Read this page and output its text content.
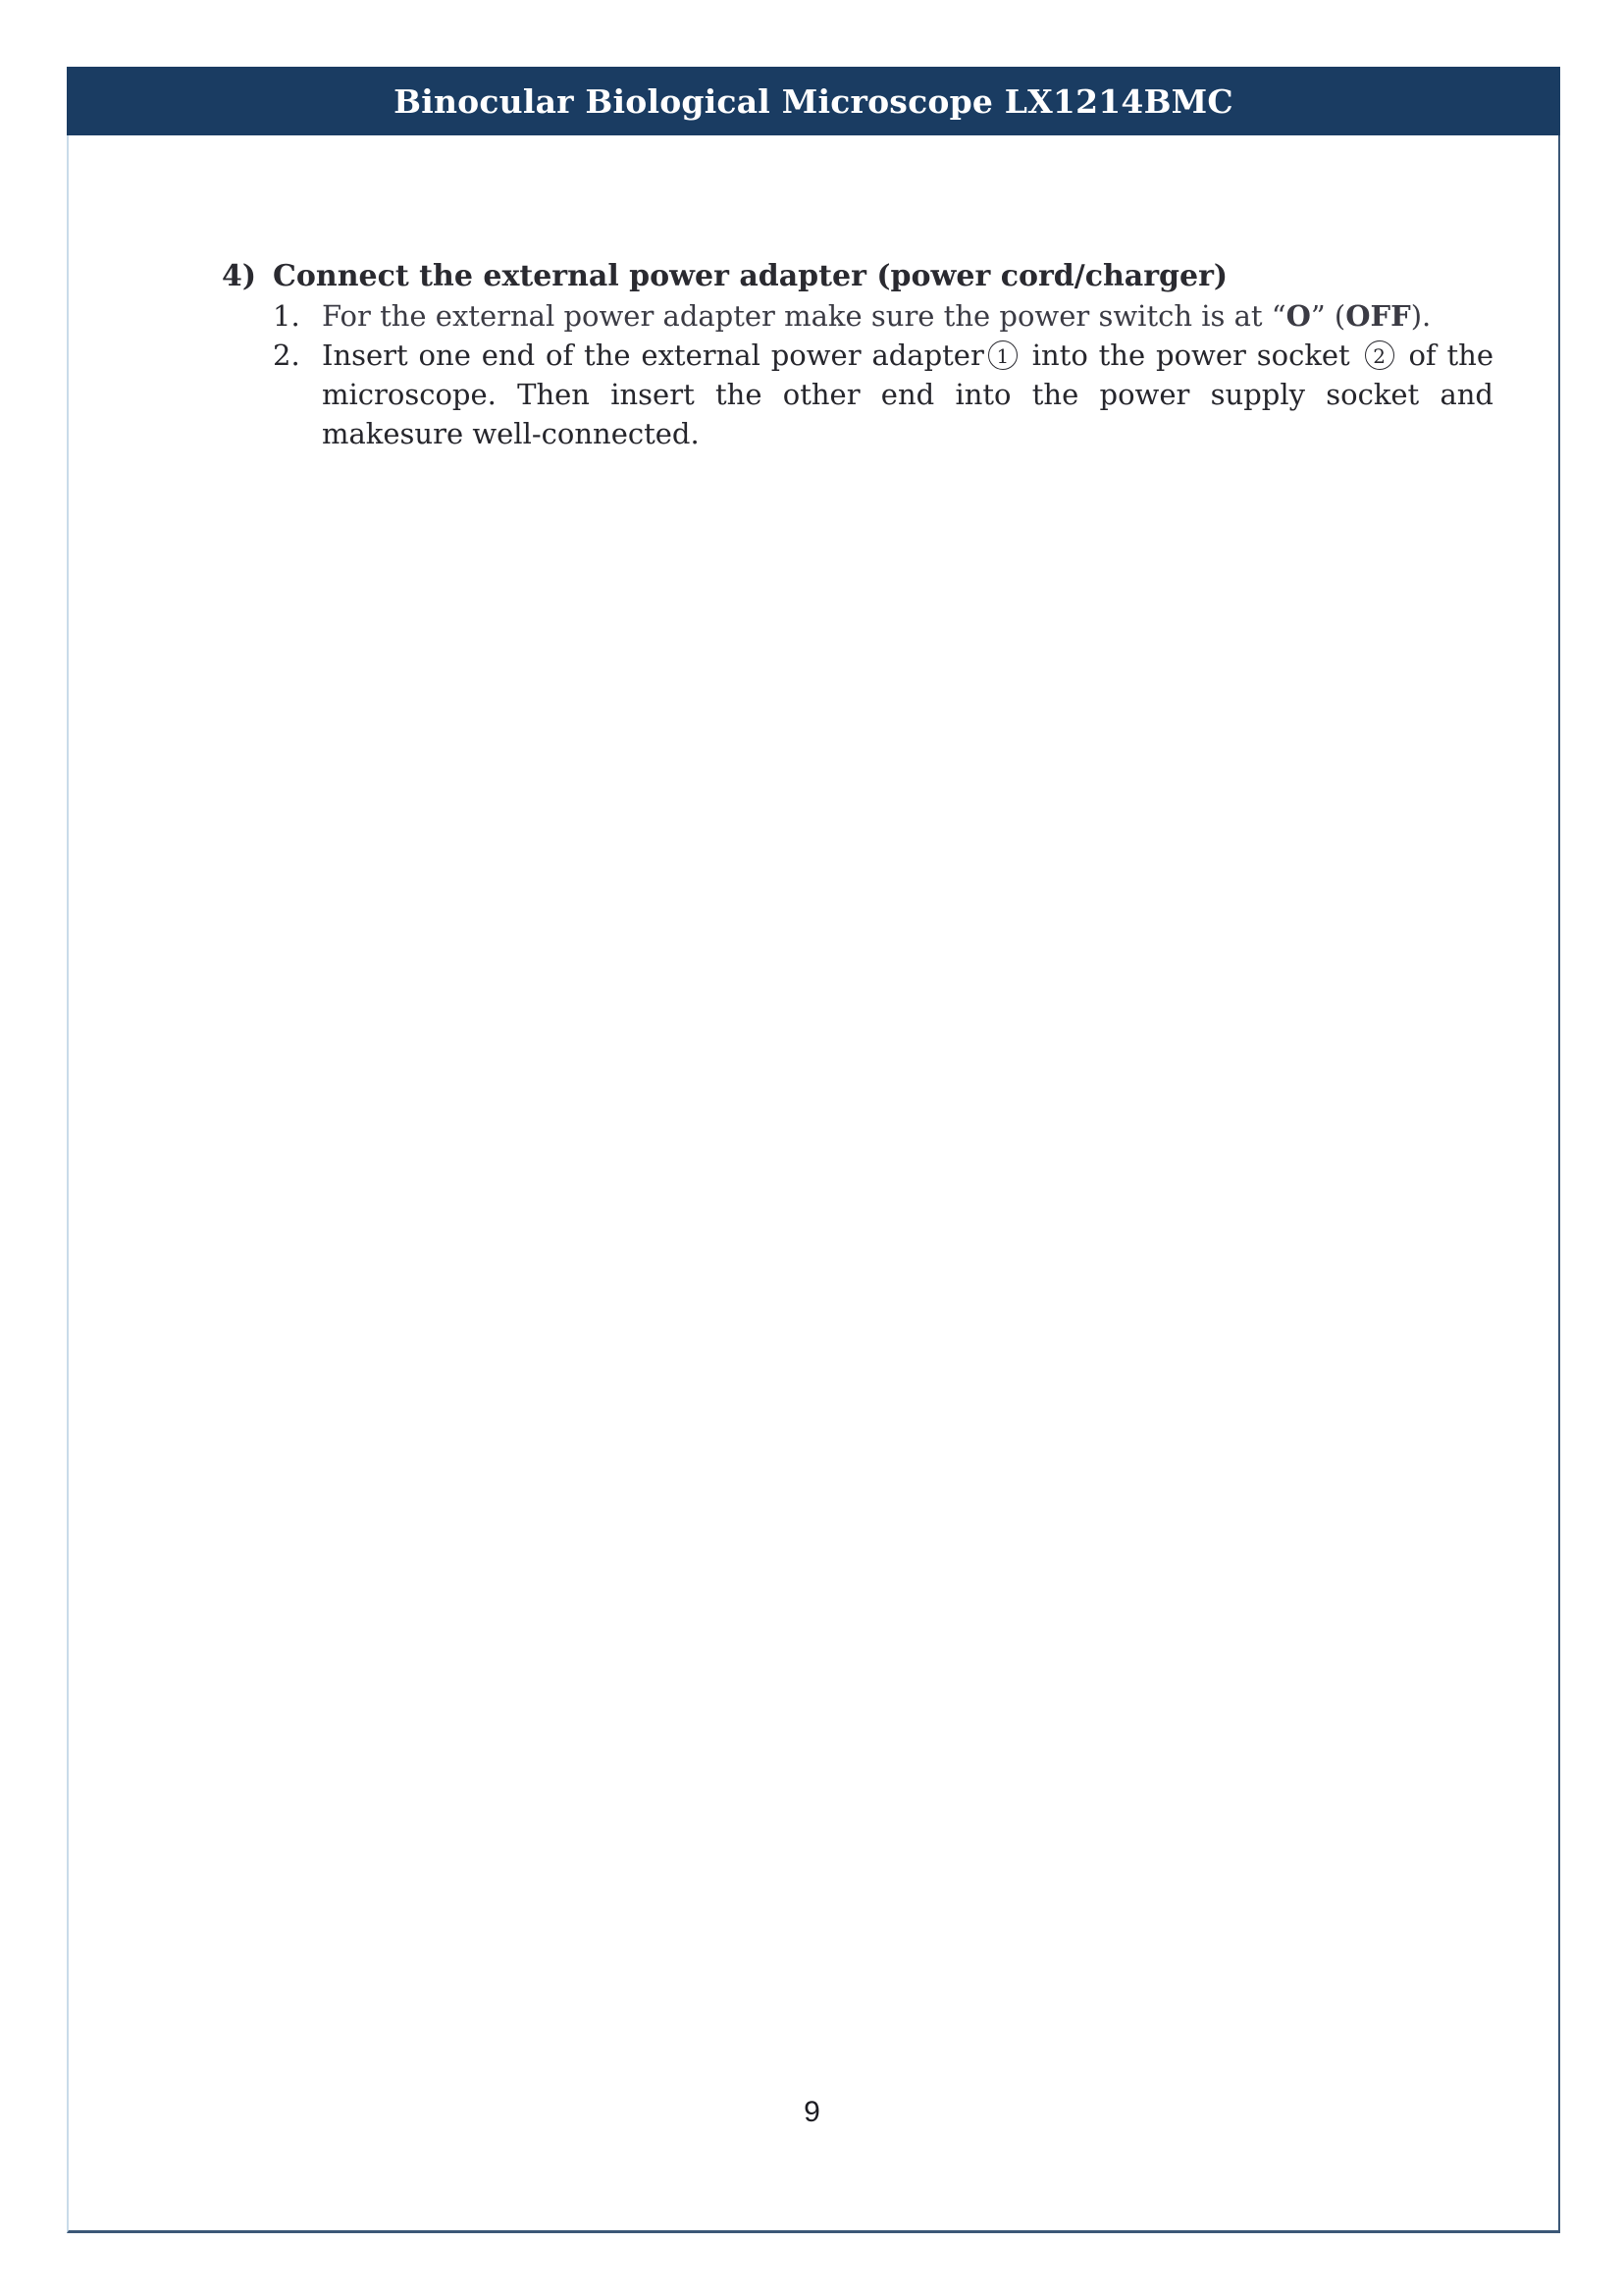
Binocular Biological Microscope LX1214BMC
4) Connect the external power adapter (power cord/charger)
1. For the external power adapter make sure the power switch is at “O” (OFF).
2. Insert one end of the external power adapter 1 into the power socket 2 of the microscope. Then insert the other end into the power supply socket and makesure well-connected.
9
